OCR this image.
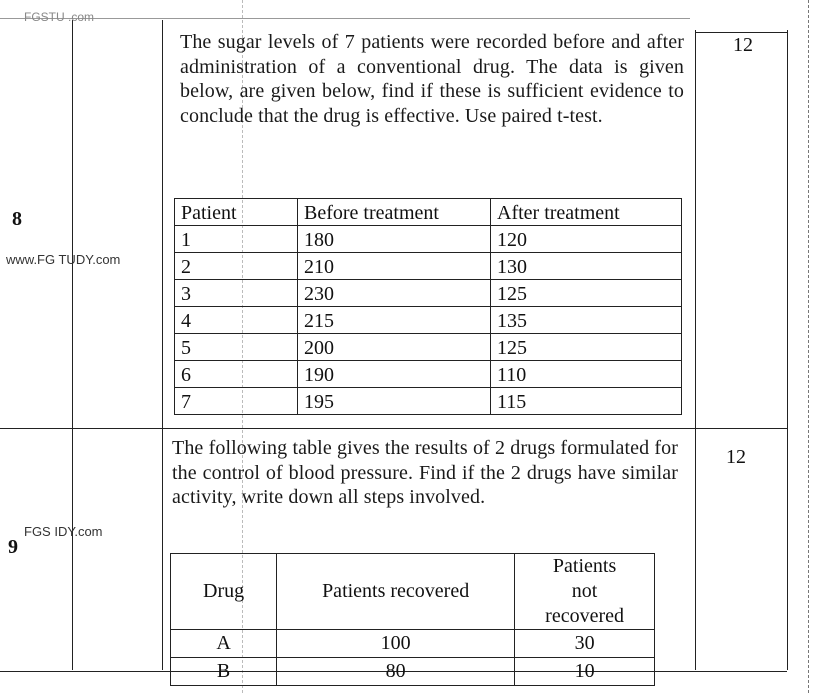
FGSTU .com
www.FG TUDY.com
FGS IDY.com
8
The sugar levels of 7 patients were recorded before and after administration of a conventional drug. The data is given below, are given below, find if these is sufficient evidence to conclude that the drug is effective. Use paired t-test.
12
Patient	Before treatment	After treatment
1	180	120
2	210	130
3	230	125
4	215	135
5	200	125
6	190	110
7	195	115
9
The following table gives the results of 2 drugs formulated for the control of blood pressure. Find if the 2 drugs have similar activity, write down all steps involved.
12
Drug	Patients recovered	Patients not recovered
A	100	30
B	80	10
